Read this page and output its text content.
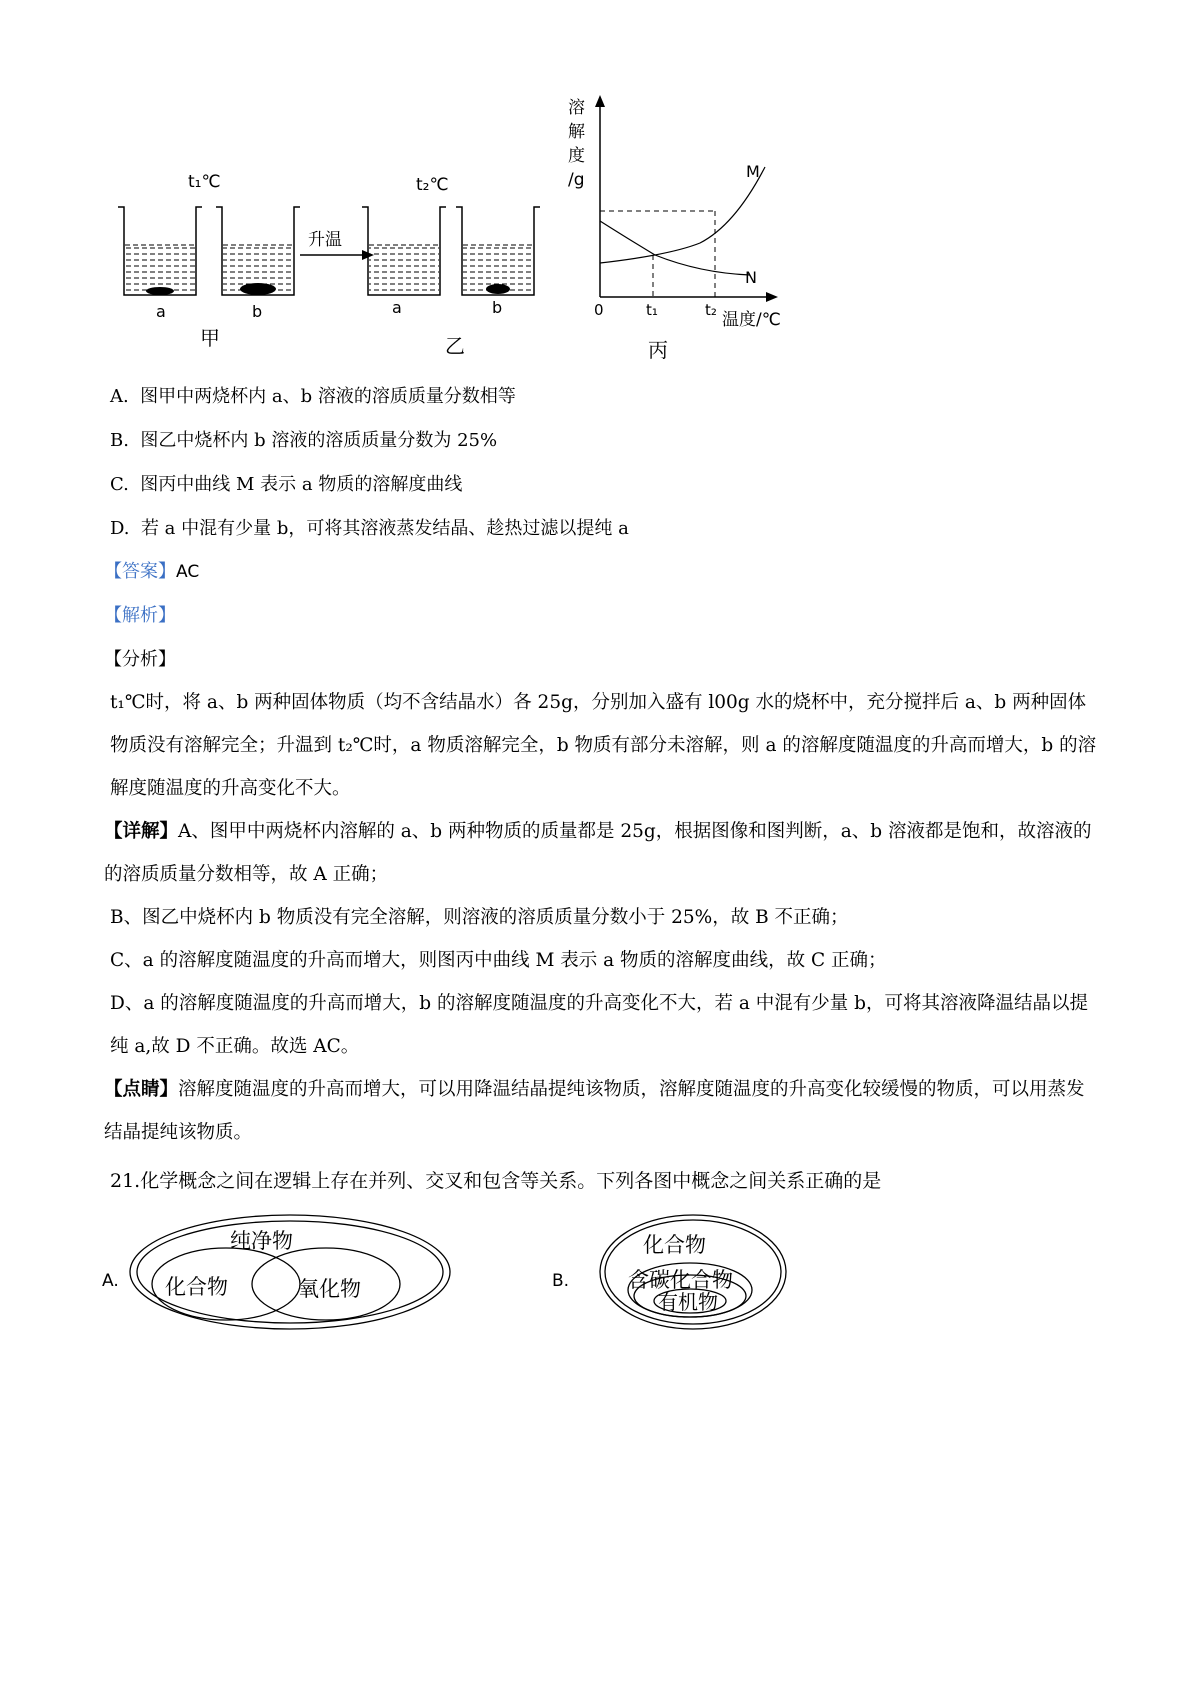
t₁℃
a	b
甲
升温
t₂℃
a	b
乙
溶
解
度
/g	M
N
0	t₁	t₂ 温度/℃
丙
A.  图甲中两烧杯内 a、b 溶液的溶质质量分数相等
B.  图乙中烧杯内 b 溶液的溶质质量分数为 25%
C.  图丙中曲线 M 表示 a 物质的溶解度曲线
D.  若 a 中混有少量 b，可将其溶液蒸发结晶、趁热过滤以提纯 a
【答案】AC
【解析】
【分析】
t₁℃时，将 a、b 两种固体物质（均不含结晶水）各 25g，分别加入盛有 l00g 水的烧杯中，充分搅拌后 a、b 两种固体物质没有溶解完全；升温到 t₂℃时，a 物质溶解完全，b 物质有部分未溶解，则 a 的溶解度随温度的升高而增大，b 的溶解度随温度的升高变化不大。
【详解】A、图甲中两烧杯内溶解的 a、b 两种物质的质量都是 25g，根据图像和图判断，a、b 溶液都是饱和，故溶液的的溶质质量分数相等，故 A 正确；
B、图乙中烧杯内 b 物质没有完全溶解，则溶液的溶质质量分数小于 25%，故 B 不正确；
C、a 的溶解度随温度的升高而增大，则图丙中曲线 M 表示 a 物质的溶解度曲线，故 C 正确；
D、a 的溶解度随温度的升高而增大，b 的溶解度随温度的升高变化不大，若 a 中混有少量 b，可将其溶液降温结晶以提纯 a,故 D 不正确。故选 AC。
【点睛】溶解度随温度的升高而增大，可以用降温结晶提纯该物质，溶解度随温度的升高变化较缓慢的物质，可以用蒸发结晶提纯该物质。
21.化学概念之间在逻辑上存在并列、交叉和包含等关系。下列各图中概念之间关系正确的是
A.
纯净物
化合物	氧化物	B.
化合物
含碳化合物
有机物
